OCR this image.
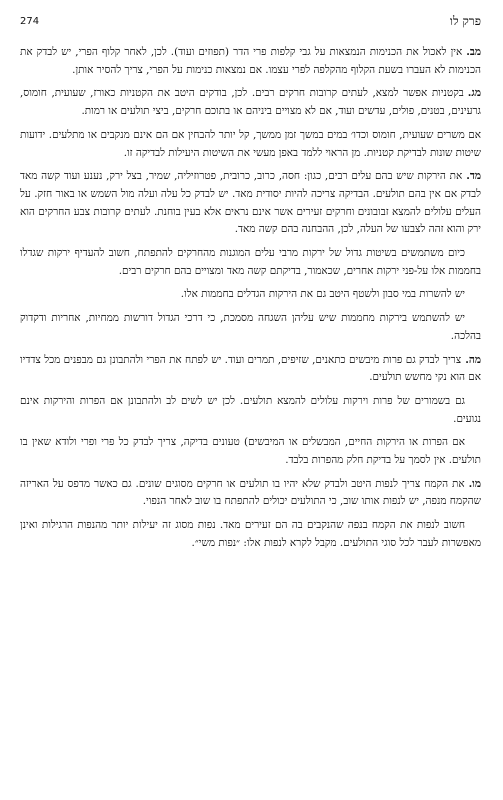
274	פרק לו

מב.אין לאכול את הכנימות הנמצאות על גבי קלפות פרי הדר (תפוזים ועוד). לכן, לאחר קלוף הפרי, יש לבדק את הכנימות לא העברו בשעת הקלוף מהקלפה לפרי עצמו. אם נמצאות כנימות על הפרי, צריך להסיר אותן.

מג.בקטניות אפשר למצא, לעתים קרובות חרקים רבים. לכן, בודקים היטב את הקטניות כאורז, שעועית, חומוס, גרעינים, בטנים, פולים, עדשים ועוד, אם לא מצויים ביניהם או בתוכם חרקים, ביצי תולעים או רמות.

אם משרים שעועית, חומוס וכדו׳ במים במשך זמן ממשך, קל יותר להבחין אם הם אינם מנקבים או מתלעים. ידועות שיטות שונות לבדיקת קטניות. מן הראוי ללמד באפן מעשי את השיטות היעילות לבדיקה זו.

מד.את הירקות שיש בהם עלים רבים, כגון: חסה, כרוב, כרובית, פטרוזיליה, שמיר, בצל ירק, נענע ועוד קשה מאד לבדק אם אין בהם תולעים. הבדיקה צריכה להיות יסודית מאד. יש לבדק כל עלה ועלה מול השמש או באור חזק. על העלים עלולים להמצא זבובונים וחרקים זעירים אשר אינם נראים אלא בעין בוחנת. לעתים קרובות צבע החרקים הוא ירק והוא זהה לצבעו של העלה, לכן, ההבחנה בהם קשה מאד.

כיום משתמשים בשיטות גדול של ירקות מרבי עלים המוגנות מהחרקים להתפתח, חשוב להעדיף ירקות שגדלו בחממות אלו על-פני ירקות אחרים, שכאמור, בדיקתם קשה מאד ומצויים בהם חרקים רבים.

יש להשרות במי סבון ולשטף היטב גם את הירקות הגדלים בחממות אלו.

יש להשתמש בירקות מחממות שיש עליהן השגחה מסמכת, כי דרכי הגדול דורשות ממחיות, אחריות ודקדוק בהלכה.

מה.צריך לבדק גם פרות מיבשים כתאנים, שזיפים, תמרים ועוד. יש לפתח את הפרי ולהתבונן גם מבפנים מכל צדדיו אם הוא נקי מחשש תולעים.

גם בשמורים של פרות וירקות עלולים להמצא תולעים. לכן יש לשים לב ולהתבונן אם הפרות והירקות אינם נגועים.

אם הפרות או הירקות החיים, המבשלים או המיבשים) טעונים בדיקה, צריך לבדק כל פרי ופרי ולודא שאין בו תולעים. אין לסמך על בדיקת חלק מהפרות בלבד.

מו.את הקמח צריך לנפות היטב ולבדק שלא יהיו בו תולעים או חרקים מסוגים שונים. גם כאשר מדפס על האריזה שהקמח מנפה, יש לנפות אותו שוב, כי התולעים יכולים להתפתח בו שוב לאחר הנפוי.

חשוב לנפות את הקמח בנפה שהנקבים בה הם זעירים מאד. נפות מסוג זה יעילות יותר מהנפות הרגילות ואינן מאפשרות לעבר לכל סוגי התולעים. מקבל לקרא לנפות אלו: ״נפות משי״.
